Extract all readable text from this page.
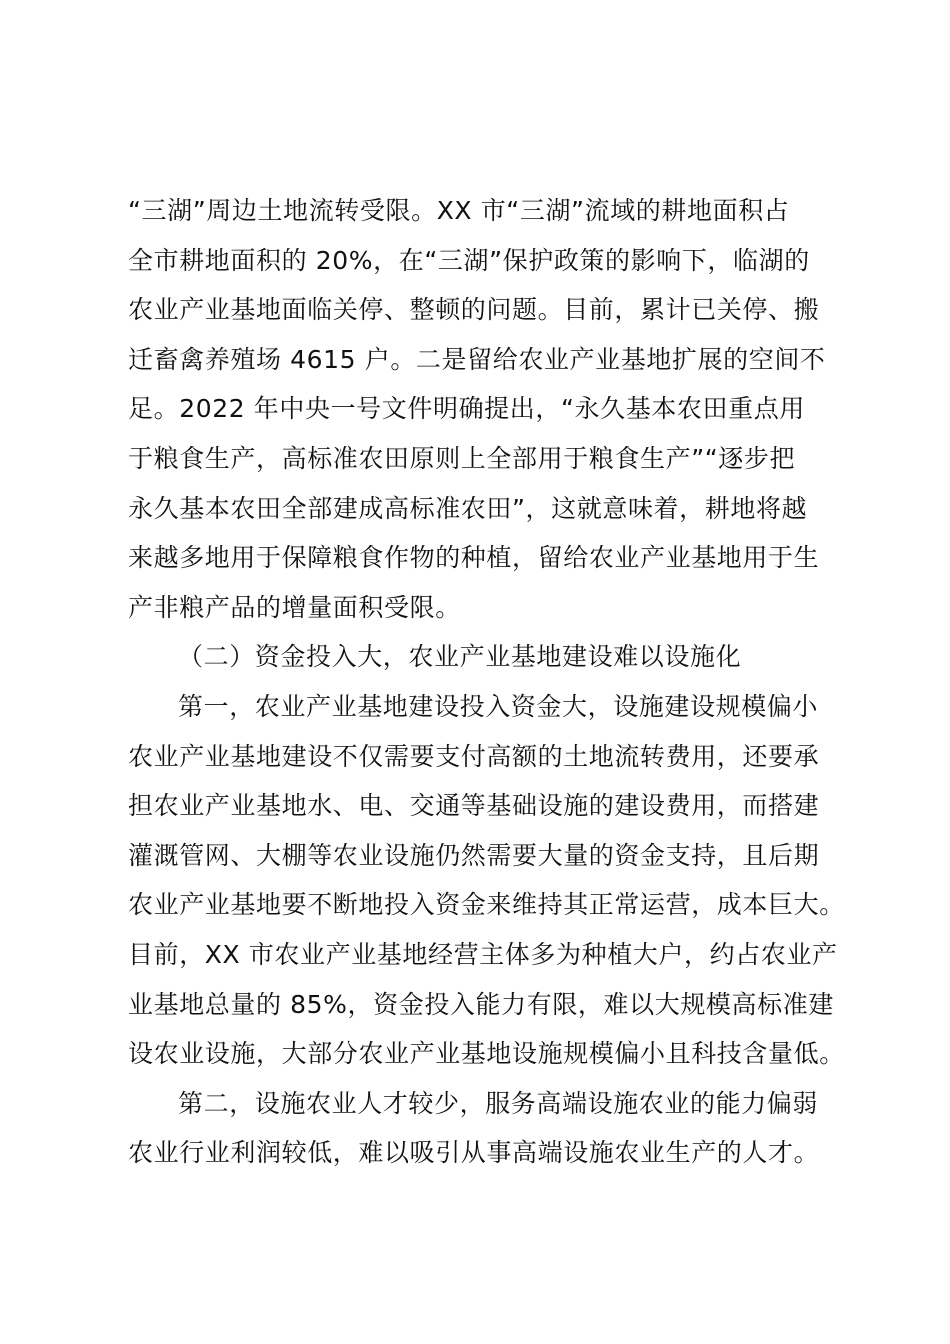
“三湖”周边土地流转受限。XX 市“三湖”流域的耕地面积占
全市耕地面积的 20%，在“三湖”保护政策的影响下，临湖的
农业产业基地面临关停、整顿的问题。目前，累计已关停、搬
迁畜禽养殖场 4615 户。二是留给农业产业基地扩展的空间不
足。2022 年中央一号文件明确提出，“永久基本农田重点用
于粮食生产，高标准农田原则上全部用于粮食生产”“逐步把
永久基本农田全部建成高标准农田”，这就意味着，耕地将越
来越多地用于保障粮食作物的种植，留给农业产业基地用于生
产非粮产品的增量面积受限。
（二）资金投入大，农业产业基地建设难以设施化
第一，农业产业基地建设投入资金大，设施建设规模偏小
农业产业基地建设不仅需要支付高额的土地流转费用，还要承
担农业产业基地水、电、交通等基础设施的建设费用，而搭建
灌溉管网、大棚等农业设施仍然需要大量的资金支持，且后期
农业产业基地要不断地投入资金来维持其正常运营，成本巨大。
目前，XX 市农业产业基地经营主体多为种植大户，约占农业产
业基地总量的 85%，资金投入能力有限，难以大规模高标准建
设农业设施，大部分农业产业基地设施规模偏小且科技含量低。
第二，设施农业人才较少，服务高端设施农业的能力偏弱
农业行业利润较低，难以吸引从事高端设施农业生产的人才。
